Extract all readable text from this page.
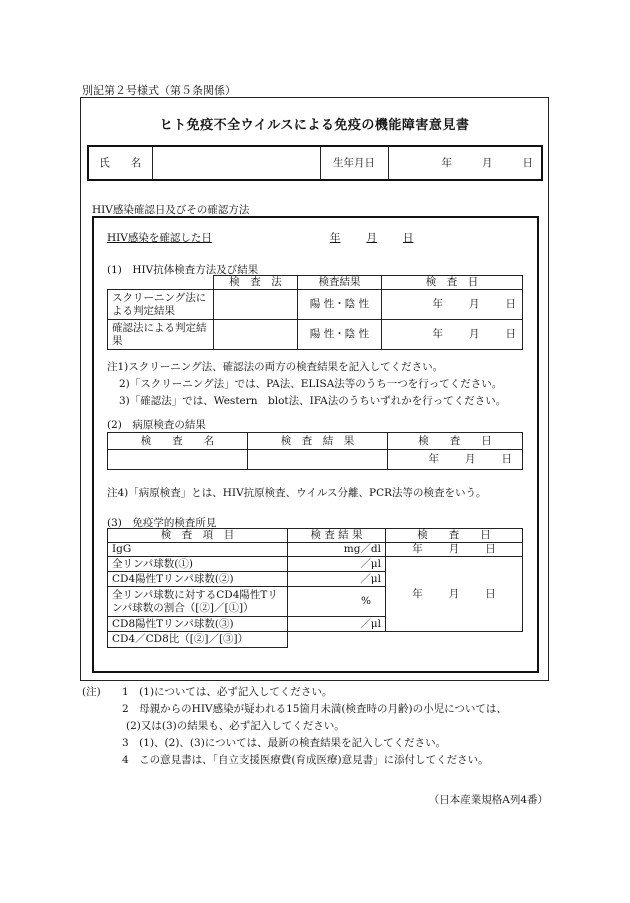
別記第２号様式（第５条関係）
ヒト免疫不全ウイルスによる免疫の機能障害意見書
氏　　名		生年月日	年	月	日
HIV感染確認日及びその確認方法
HIV感染を確認した日	年 月 日
(1)　HIV抗体検査方法及び結果
	検　査　法	検査結果	検　査　日
スクリーニング法による判定結果		陽 性・陰 性	年 月 日
確認法による判定結果		陽 性・陰 性	年 月 日

注1)スクリーニング法、確認法の両方の検査結果を記入してください。

2)「スクリーニング法」では、PA法、ELISA法等のうち一つを行ってください。

3)「確認法」では、Western　blot法、IFA法のうちいずれかを行ってください。

(2)　病原検査の結果
検　　査　　名	検　査　結　果	検　　査　　日
		年 月 日
注4)「病原検査」とは、HIV抗原検査、ウイルス分離、PCR法等の検査をいう。
(3)　免疫学的検査所見
検　査　項　目	検 査 結 果	検　　査　　日
IgG	mg／dl	年 月 日
全リンパ球数(①)	／μl	年 月 日
CD4陽性Tリンパ球数(②)	／μl	
全リンパ球数に対するCD4陽性Tリンパ球数の割合（[②]／[①]）	%	
CD8陽性Tリンパ球数(③)	／μl	
CD4／CD8比（[②]／[③]）		
(注)	1　(1)については、必ず記入してください。

2　母親からのHIV感染が疑われる15箇月未満(検査時の月齢)の小児については、

(2)又は(3)の結果も、必ず記入してください。

3　(1)、(2)、(3)については、最新の検査結果を記入してください。

4　この意見書は、「自立支援医療費(育成医療)意見書」に添付してください。

（日本産業規格A列4番）
